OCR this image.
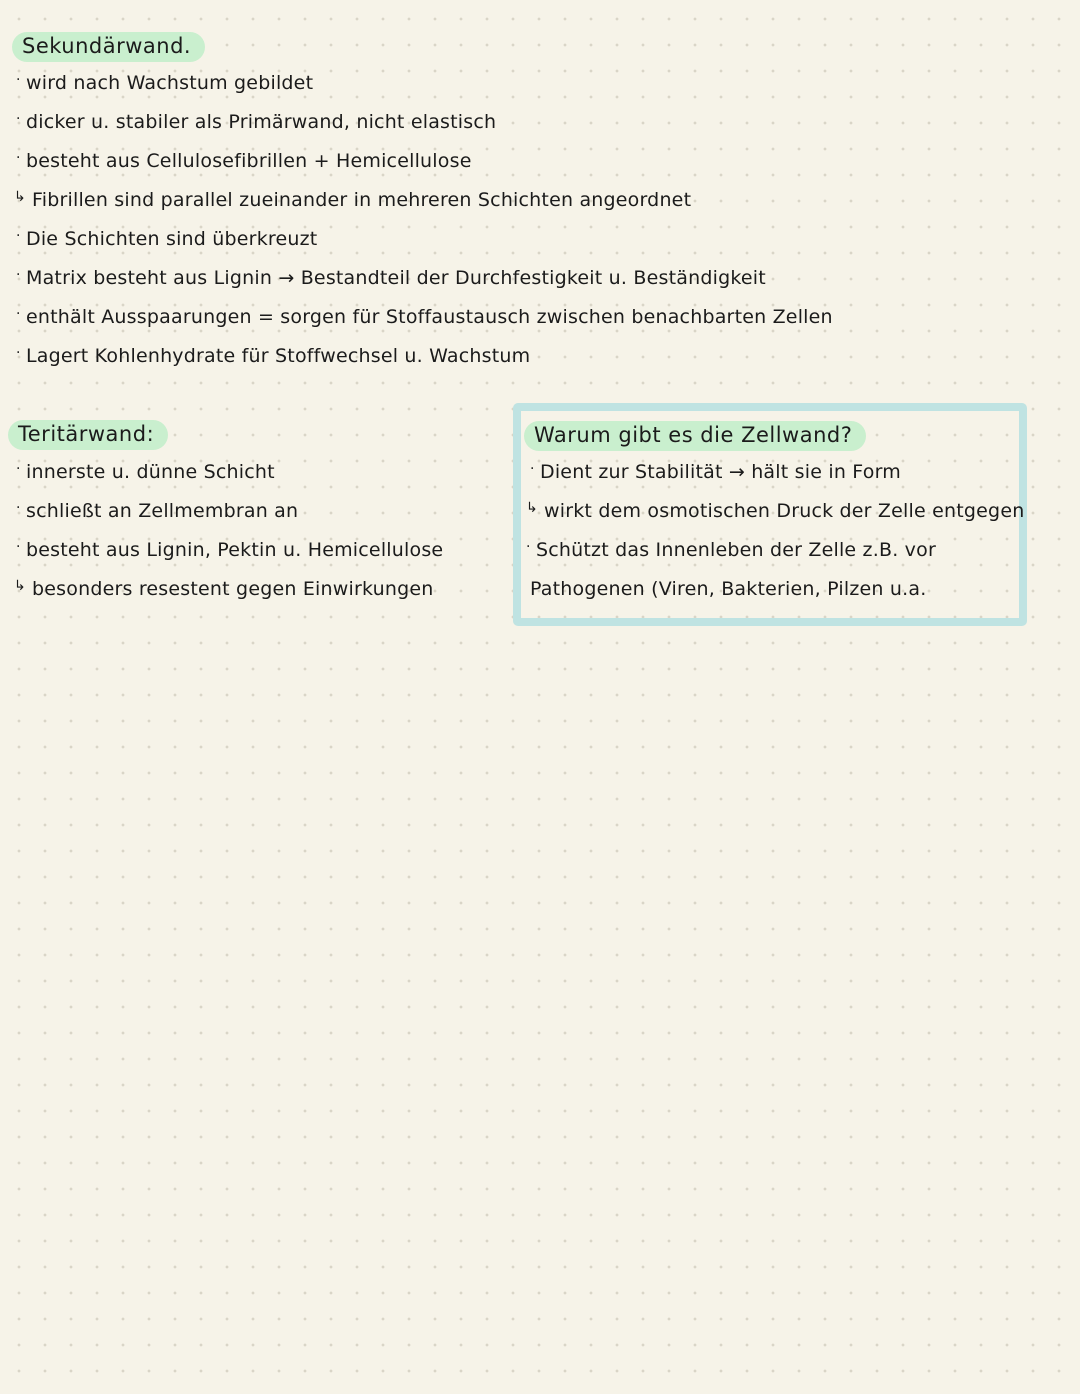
Sekundärwand.
· wird nach Wachstum gebildet
· dicker u. stabiler als Primärwand, nicht elastisch
· besteht aus Cellulosefibrillen + Hemicellulose
↳ Fibrillen sind parallel zueinander in mehreren Schichten angeordnet
· Die Schichten sind überkreuzt
· Matrix besteht aus Lignin → Bestandteil der Durchfestigkeit u. Beständigkeit
· enthält Ausspaarungen = sorgen für Stoffaustausch zwischen benachbarten Zellen
· Lagert Kohlenhydrate für Stoffwechsel u. Wachstum
Teritärwand:
· innerste u. dünne Schicht
· schließt an Zellmembran an
· besteht aus Lignin, Pektin u. Hemicellulose
↳ besonders resestent gegen Einwirkungen
Warum gibt es die Zellwand?
· Dient zur Stabilität → hält sie in Form
↳ wirkt dem osmotischen Druck der Zelle entgegen
· Schützt das Innenleben der Zelle z.B. vor
Pathogenen (Viren, Bakterien, Pilzen u.a.
